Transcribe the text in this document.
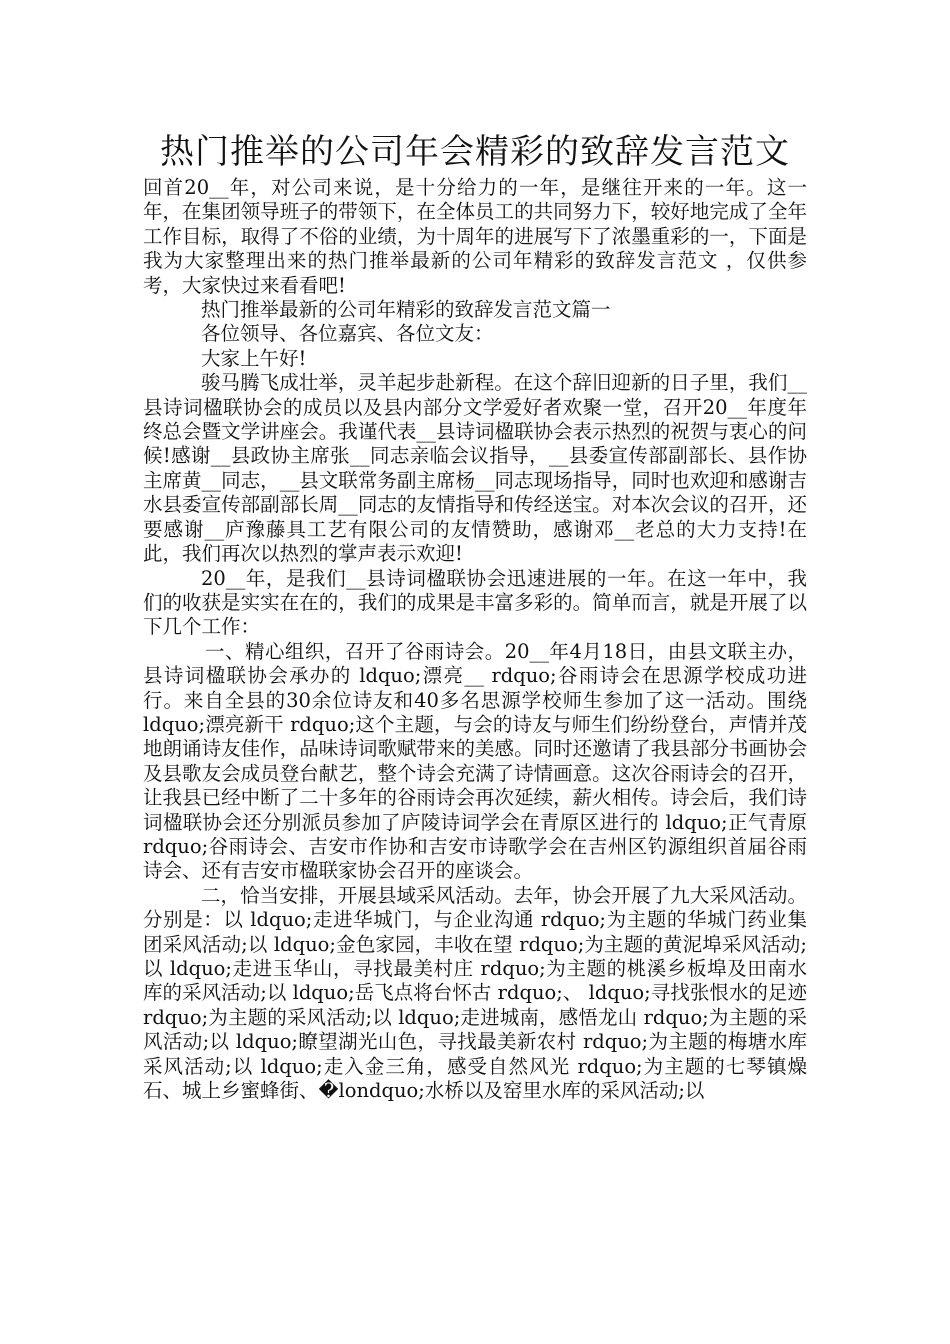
热门推举的公司年会精彩的致辞发言范文

回首20__年，对公司来说，是十分给力的一年，是继往开来的一年。这一年，在集团领导班子的带领下，在全体员工的共同努力下，较好地完成了全年工作目标，取得了不俗的业绩，为十周年的进展写下了浓墨重彩的一，下面是我为大家整理出来的热门推举最新的公司年精彩的致辞发言范文 ，仅供参考，大家快过来看看吧!

热门推举最新的公司年精彩的致辞发言范文篇一

各位领导、各位嘉宾、各位文友：

大家上午好!

骏马腾飞成壮举，灵羊起步赴新程。在这个辞旧迎新的日子里，我们__县诗词楹联协会的成员以及县内部分文学爱好者欢聚一堂，召开20__年度年终总会暨文学讲座会。我谨代表__县诗词楹联协会表示热烈的祝贺与衷心的问候!感谢__县政协主席张__同志亲临会议指导，__县委宣传部副部长、县作协主席黄__同志，__县文联常务副主席杨__同志现场指导，同时也欢迎和感谢吉水县委宣传部副部长周__同志的友情指导和传经送宝。对本次会议的召开，还要感谢__庐豫藤具工艺有限公司的友情赞助，感谢邓__老总的大力支持!在此，我们再次以热烈的掌声表示欢迎!

20__年，是我们__县诗词楹联协会迅速进展的一年。在这一年中，我们的收获是实实在在的，我们的成果是丰富多彩的。简单而言，就是开展了以下几个工作：

一、精心组织，召开了谷雨诗会。20__年4月18日，由县文联主办，县诗词楹联协会承办的 ldquo;漂亮__ rdquo;谷雨诗会在思源学校成功进行。来自全县的30余位诗友和40多名思源学校师生参加了这一活动。围绕 ldquo;漂亮新干 rdquo;这个主题，与会的诗友与师生们纷纷登台，声情并茂地朗诵诗友佳作，品味诗词歌赋带来的美感。同时还邀请了我县部分书画协会及县歌友会成员登台献艺，整个诗会充满了诗情画意。这次谷雨诗会的召开，让我县已经中断了二十多年的谷雨诗会再次延续，薪火相传。诗会后，我们诗词楹联协会还分别派员参加了庐陵诗词学会在青原区进行的 ldquo;正气青原 rdquo;谷雨诗会、吉安市作协和吉安市诗歌学会在吉州区钓源组织首届谷雨诗会、还有吉安市楹联家协会召开的座谈会。

二，恰当安排，开展县域采风活动。去年，协会开展了九大采风活动。分别是：以 ldquo;走进华城门，与企业沟通 rdquo;为主题的华城门药业集团采风活动;以 ldquo;金色家园，丰收在望 rdquo;为主题的黄泥埠采风活动;以 ldquo;走进玉华山，寻找最美村庄 rdquo;为主题的桃溪乡板埠及田南水库的采风活动;以 ldquo;岳飞点将台怀古 rdquo;、 ldquo;寻找张恨水的足迹 rdquo;为主题的采风活动;以 ldquo;走进城南，感悟龙山 rdquo;为主题的采风活动;以 ldquo;瞭望湖光山色，寻找最美新农村 rdquo;为主题的梅塘水库采风活动;以 ldquo;走入金三角，感受自然风光 rdquo;为主题的七琴镇燥石、城上乡蜜蜂街、�londquo;水桥以及窑里水库的采风活动;以
